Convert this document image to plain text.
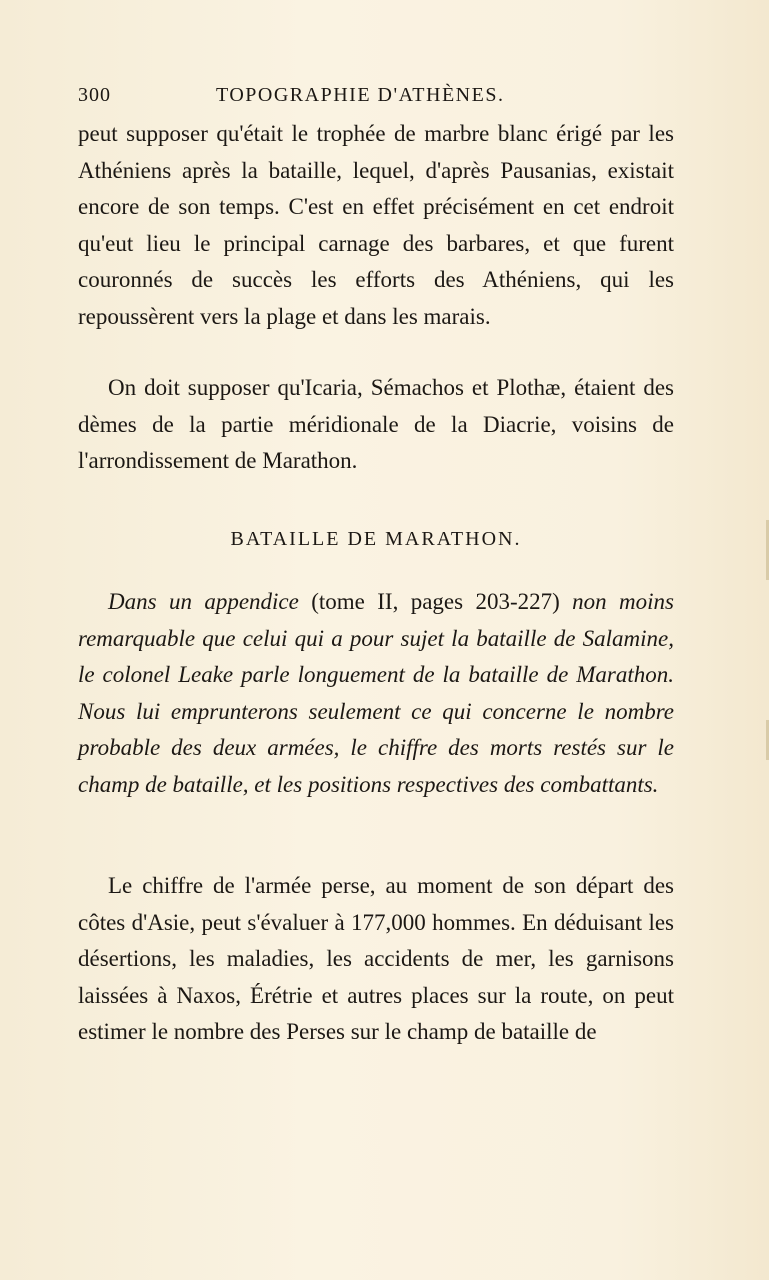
300	TOPOGRAPHIE D'ATHÈNES.

peut supposer qu'était le trophée de marbre blanc érigé par les Athéniens après la bataille, lequel, d'après Pausanias, existait encore de son temps. C'est en effet précisément en cet endroit qu'eut lieu le principal carnage des barbares, et que furent couronnés de succès les efforts des Athéniens, qui les repoussèrent vers la plage et dans les marais.

On doit supposer qu'Icaria, Sémachos et Plothæ, étaient des dèmes de la partie méridionale de la Diacrie, voisins de l'arrondissement de Marathon.

BATAILLE DE MARATHON.

Dans un appendice (tome II, pages 203-227) non moins remarquable que celui qui a pour sujet la bataille de Salamine, le colonel Leake parle longuement de la bataille de Marathon. Nous lui emprunterons seulement ce qui concerne le nombre probable des deux armées, le chiffre des morts restés sur le champ de bataille, et les positions respectives des combattants.

Le chiffre de l'armée perse, au moment de son départ des côtes d'Asie, peut s'évaluer à 177,000 hommes. En déduisant les désertions, les maladies, les accidents de mer, les garnisons laissées à Naxos, Érétrie et autres places sur la route, on peut estimer le nombre des Perses sur le champ de bataille de
